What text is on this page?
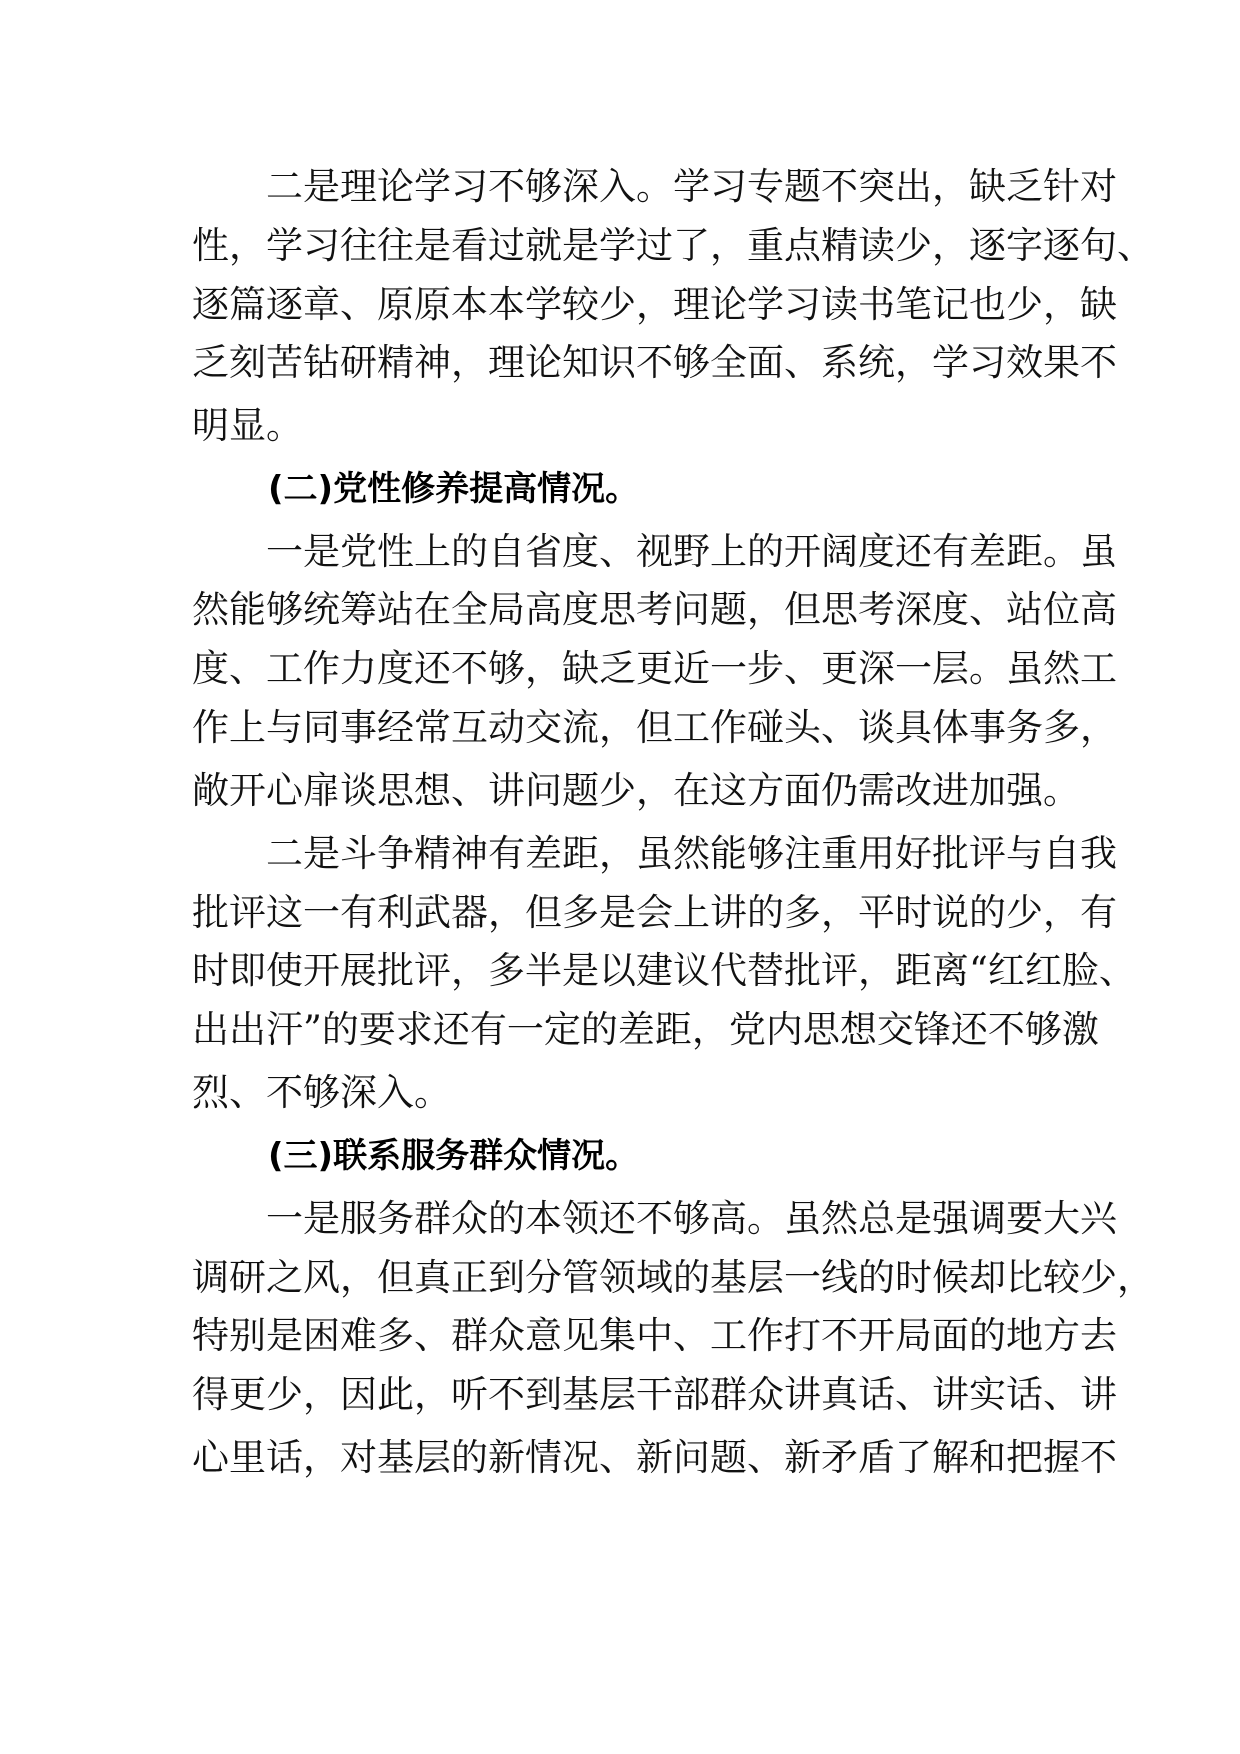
二是理论学习不够深入。学习专题不突出，缺乏针对
性，学习往往是看过就是学过了，重点精读少，逐字逐句、
逐篇逐章、原原本本学较少，理论学习读书笔记也少，缺
乏刻苦钻研精神，理论知识不够全面、系统，学习效果不
明显。
(二)党性修养提高情况。
一是党性上的自省度、视野上的开阔度还有差距。虽
然能够统筹站在全局高度思考问题，但思考深度、站位高
度、工作力度还不够，缺乏更近一步、更深一层。虽然工
作上与同事经常互动交流，但工作碰头、谈具体事务多，
敞开心扉谈思想、讲问题少，在这方面仍需改进加强。
二是斗争精神有差距，虽然能够注重用好批评与自我
批评这一有利武器，但多是会上讲的多，平时说的少，有
时即使开展批评，多半是以建议代替批评，距离“红红脸、
出出汗”的要求还有一定的差距，党内思想交锋还不够激
烈、不够深入。
(三)联系服务群众情况。
一是服务群众的本领还不够高。虽然总是强调要大兴
调研之风，但真正到分管领域的基层一线的时候却比较少，
特别是困难多、群众意见集中、工作打不开局面的地方去
得更少，因此，听不到基层干部群众讲真话、讲实话、讲
心里话，对基层的新情况、新问题、新矛盾了解和把握不
